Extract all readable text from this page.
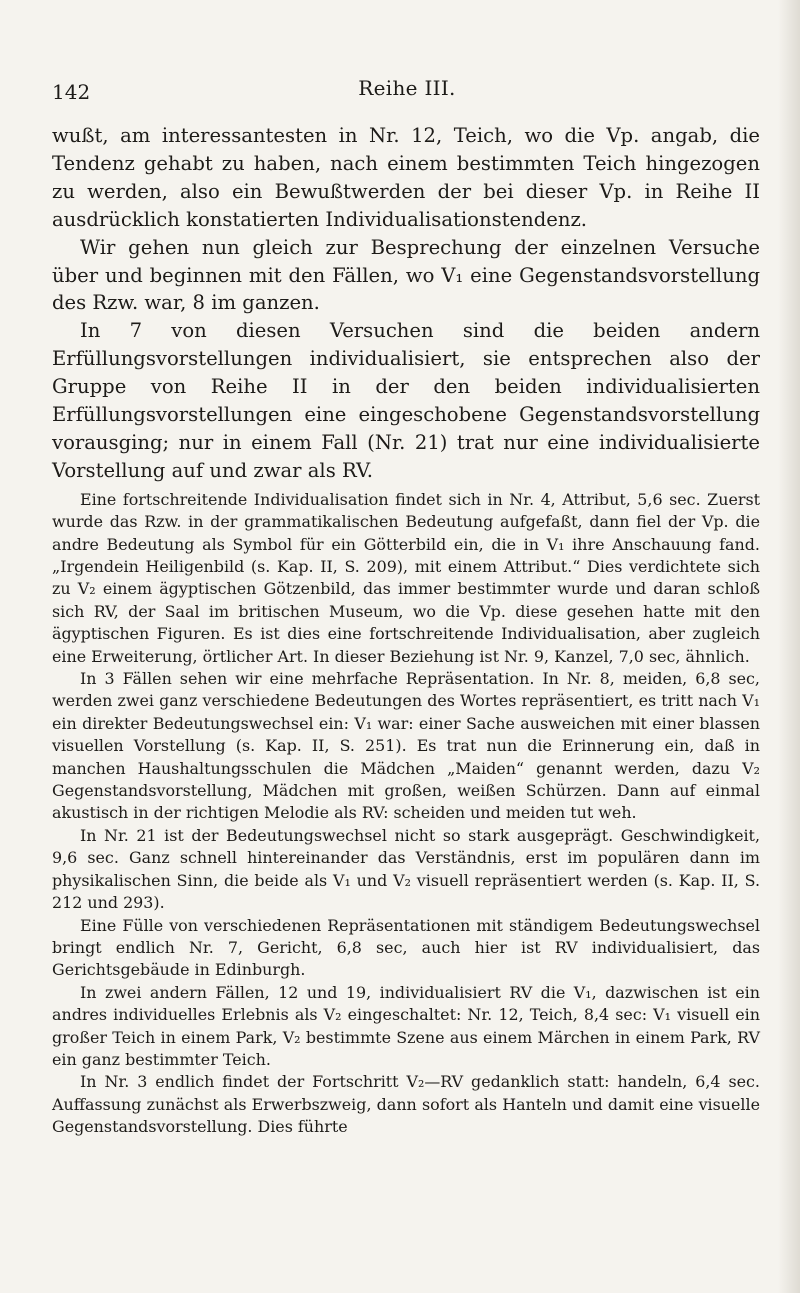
142	Reihe III.

wußt, am interessantesten in Nr. 12, Teich, wo die Vp. angab, die Tendenz gehabt zu haben, nach einem bestimmten Teich hingezogen zu werden, also ein Bewußtwerden der bei dieser Vp. in Reihe II ausdrücklich konstatierten Individualisationstendenz.

Wir gehen nun gleich zur Besprechung der einzelnen Versuche über und beginnen mit den Fällen, wo V₁ eine Gegenstandsvorstellung des Rzw. war, 8 im ganzen.

In 7 von diesen Versuchen sind die beiden andern Erfüllungsvorstellungen individualisiert, sie entsprechen also der Gruppe von Reihe II in der den beiden individualisierten Erfüllungsvorstellungen eine eingeschobene Gegenstandsvorstellung vorausging; nur in einem Fall (Nr. 21) trat nur eine individualisierte Vorstellung auf und zwar als RV.

Eine fortschreitende Individualisation findet sich in Nr. 4, Attribut, 5,6 sec. Zuerst wurde das Rzw. in der grammatikalischen Bedeutung aufgefaßt, dann fiel der Vp. die andre Bedeutung als Symbol für ein Götterbild ein, die in V₁ ihre Anschauung fand. „Irgendein Heiligenbild (s. Kap. II, S. 209), mit einem Attribut.“ Dies verdichtete sich zu V₂ einem ägyptischen Götzenbild, das immer bestimmter wurde und daran schloß sich RV, der Saal im britischen Museum, wo die Vp. diese gesehen hatte mit den ägyptischen Figuren. Es ist dies eine fortschreitende Individualisation, aber zugleich eine Erweiterung, örtlicher Art. In dieser Beziehung ist Nr. 9, Kanzel, 7,0 sec, ähnlich.

In 3 Fällen sehen wir eine mehrfache Repräsentation. In Nr. 8, meiden, 6,8 sec, werden zwei ganz verschiedene Bedeutungen des Wortes repräsentiert, es tritt nach V₁ ein direkter Bedeutungswechsel ein: V₁ war: einer Sache ausweichen mit einer blassen visuellen Vorstellung (s. Kap. II, S. 251). Es trat nun die Erinnerung ein, daß in manchen Haushaltungsschulen die Mädchen „Maiden“ genannt werden, dazu V₂ Gegenstandsvorstellung, Mädchen mit großen, weißen Schürzen. Dann auf einmal akustisch in der richtigen Melodie als RV: scheiden und meiden tut weh.

In Nr. 21 ist der Bedeutungswechsel nicht so stark ausgeprägt. Geschwindigkeit, 9,6 sec. Ganz schnell hintereinander das Verständnis, erst im populären dann im physikalischen Sinn, die beide als V₁ und V₂ visuell repräsentiert werden (s. Kap. II, S. 212 und 293).

Eine Fülle von verschiedenen Repräsentationen mit ständigem Bedeutungswechsel bringt endlich Nr. 7, Gericht, 6,8 sec, auch hier ist RV individualisiert, das Gerichtsgebäude in Edinburgh.

In zwei andern Fällen, 12 und 19, individualisiert RV die V₁, dazwischen ist ein andres individuelles Erlebnis als V₂ eingeschaltet: Nr. 12, Teich, 8,4 sec: V₁ visuell ein großer Teich in einem Park, V₂ bestimmte Szene aus einem Märchen in einem Park, RV ein ganz bestimmter Teich.

In Nr. 3 endlich findet der Fortschritt V₂—RV gedanklich statt: handeln, 6,4 sec. Auffassung zunächst als Erwerbszweig, dann sofort als Hanteln und damit eine visuelle Gegenstandsvorstellung. Dies führte
